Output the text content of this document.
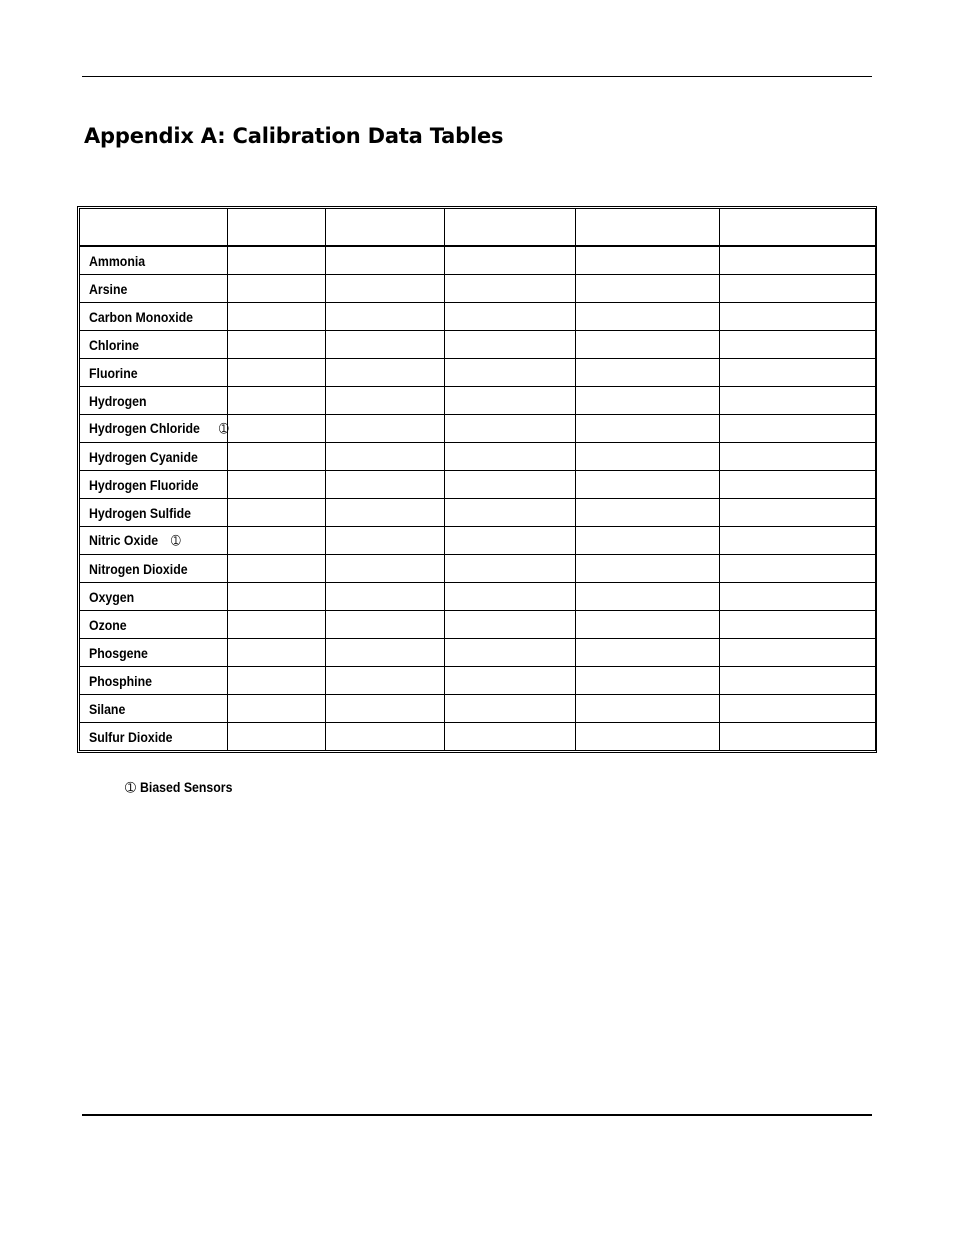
Appendix A: Calibration Data Tables

Ammonia					
Arsine					
Carbon Monoxide					
Chlorine					
Fluorine					
Hydrogen					
Hydrogen Chloride ➀					
Hydrogen Cyanide					
Hydrogen Fluoride					
Hydrogen Sulfide					
Nitric Oxide ➀					
Nitrogen Dioxide					
Oxygen					
Ozone					
Phosgene					
Phosphine					
Silane					
Sulfur Dioxide					
➀ Biased Sensors
